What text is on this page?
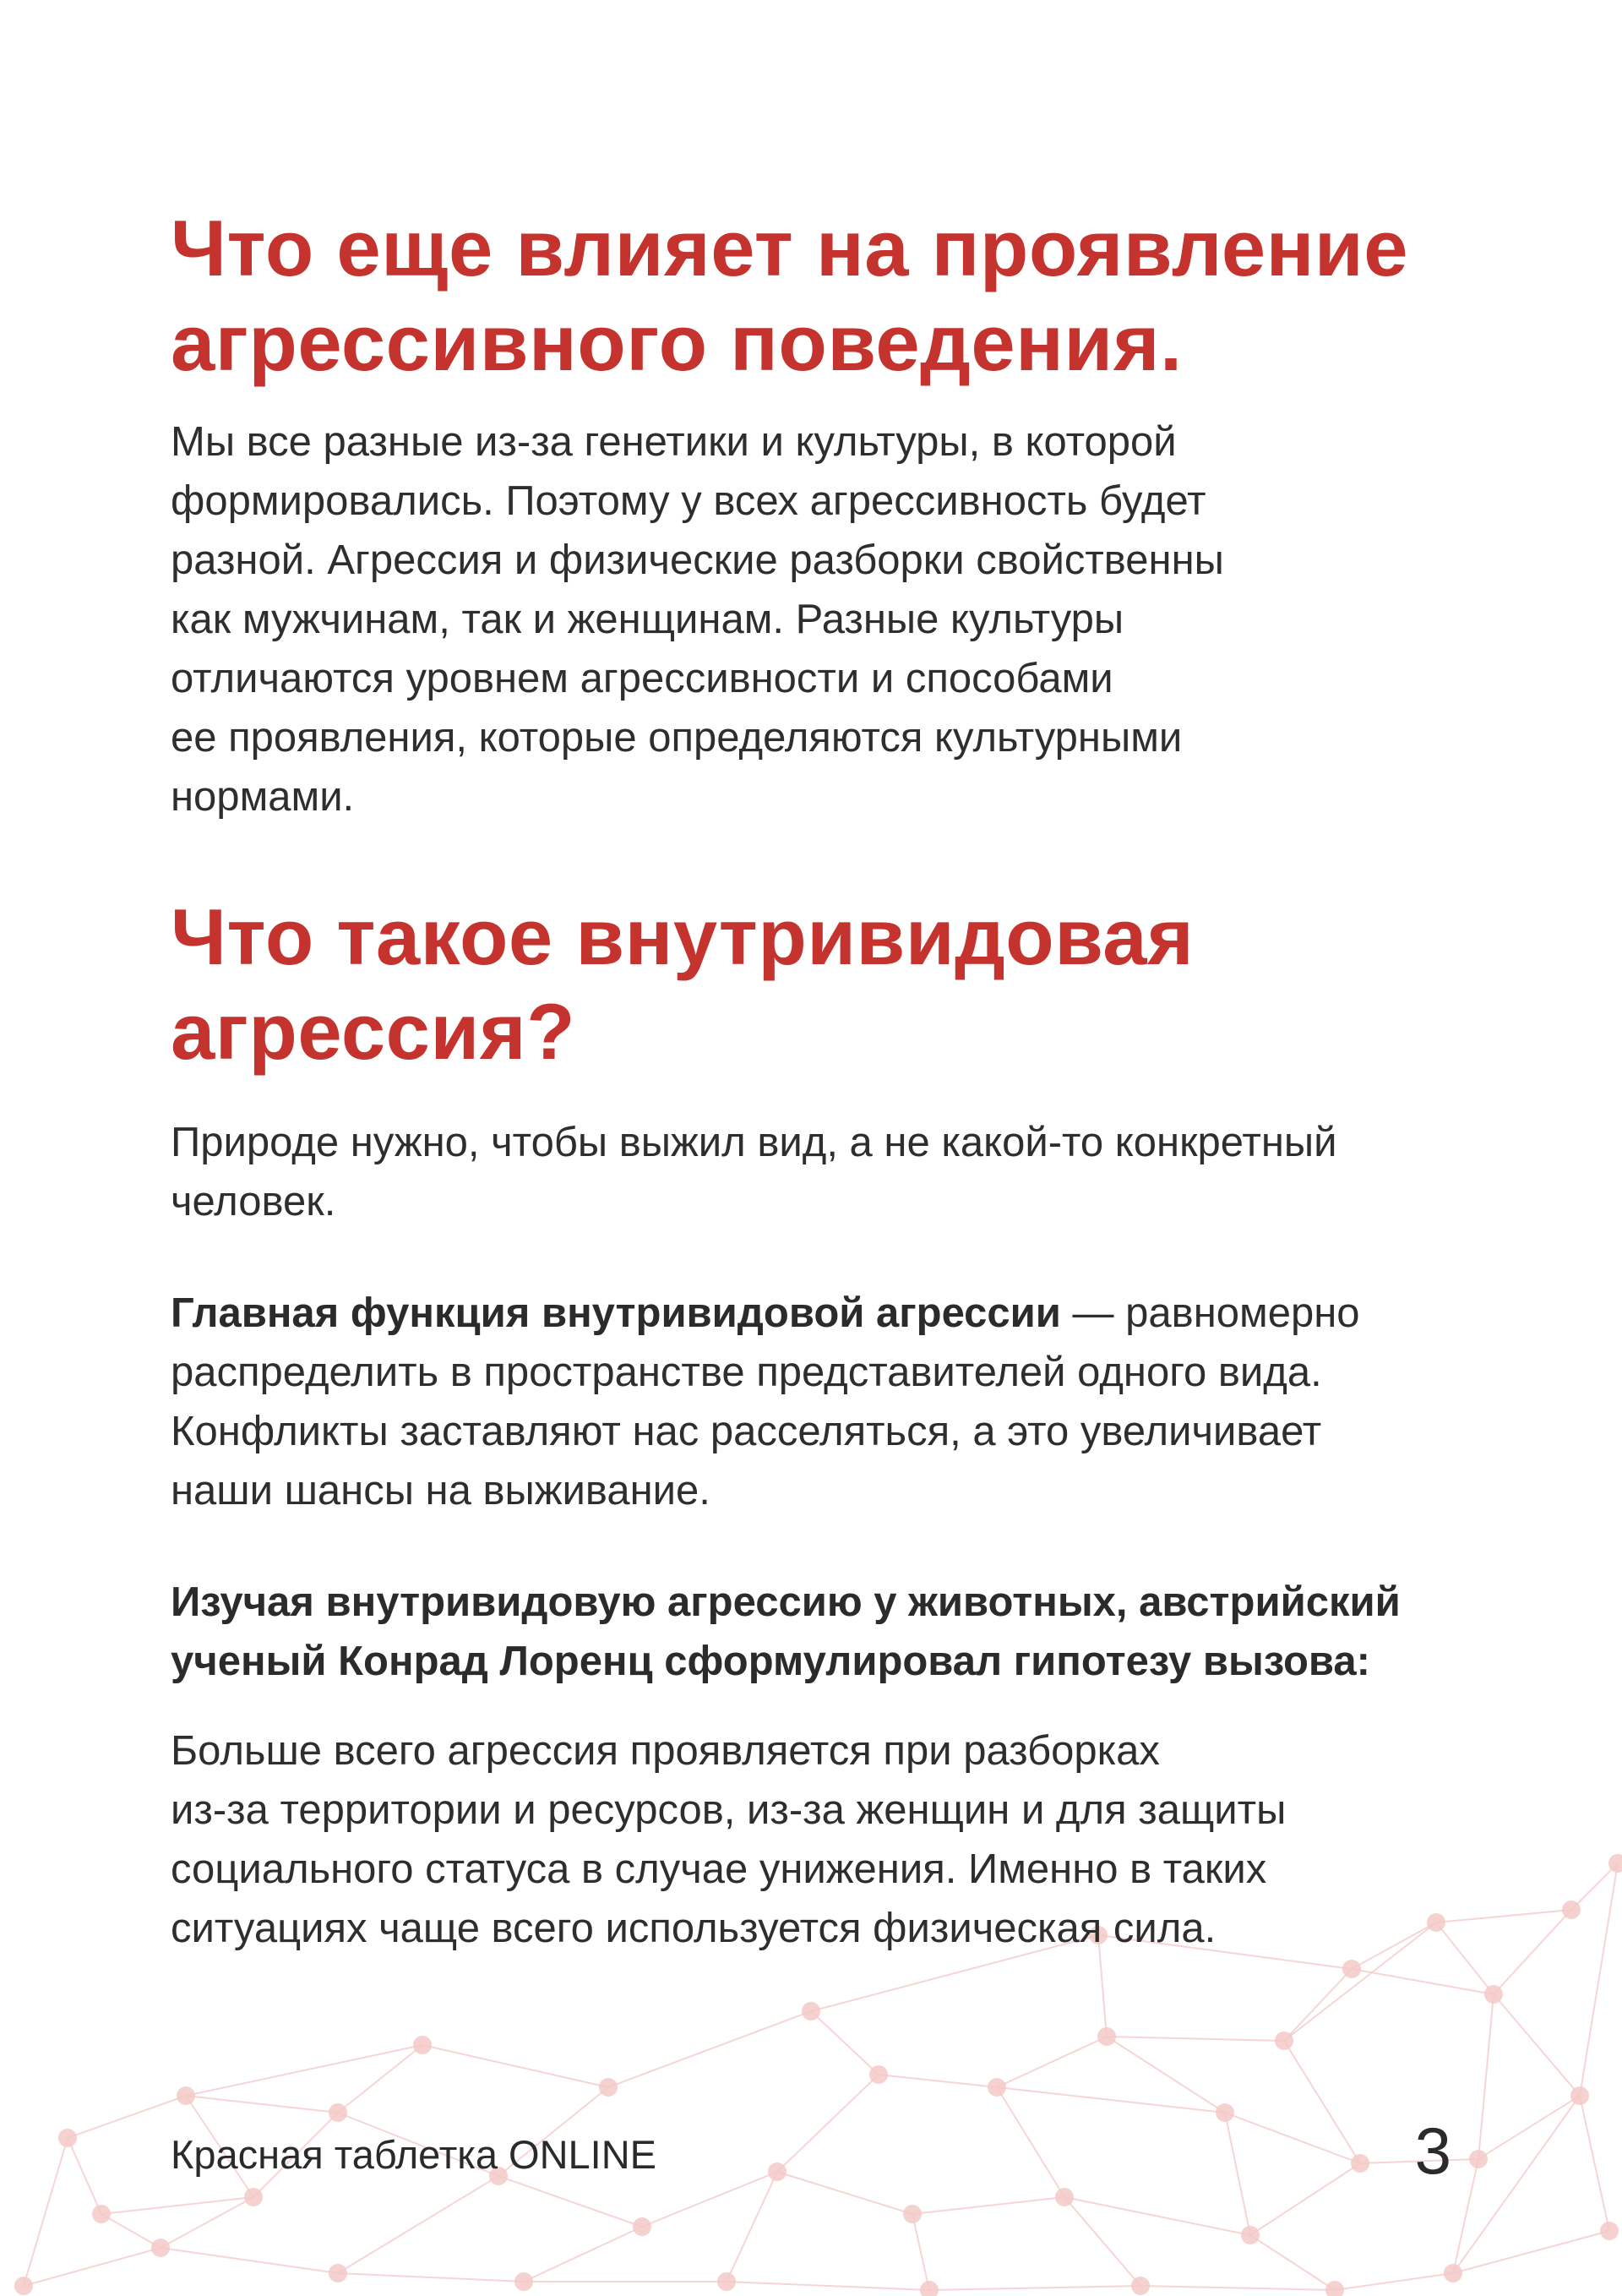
Что еще влияет на проявление агрессивного поведения.
Мы все разные из-за генетики и культуры, в которой
формировались. Поэтому у всех агрессивность будет
разной. Агрессия и физические разборки свойственны
как мужчинам, так и женщинам. Разные культуры
отличаются уровнем агрессивности и способами
ее проявления, которые определяются культурными
нормами.
Что такое внутривидовая агрессия?
Природе нужно, чтобы выжил вид, а не какой-то конкретный
человек.
Главная функция внутривидовой агрессии — равномерно
распределить в пространстве представителей одного вида.
Конфликты заставляют нас расселяться, а это увеличивает
наши шансы на выживание.
Изучая внутривидовую агрессию у животных, австрийский
ученый Конрад Лоренц сформулировал гипотезу вызова:
Больше всего агрессия проявляется при разборках
из-за территории и ресурсов, из-за женщин и для защиты
социального статуса в случае унижения. Именно в таких
ситуациях чаще всего используется физическая сила.
Красная таблетка ONLINE	3
